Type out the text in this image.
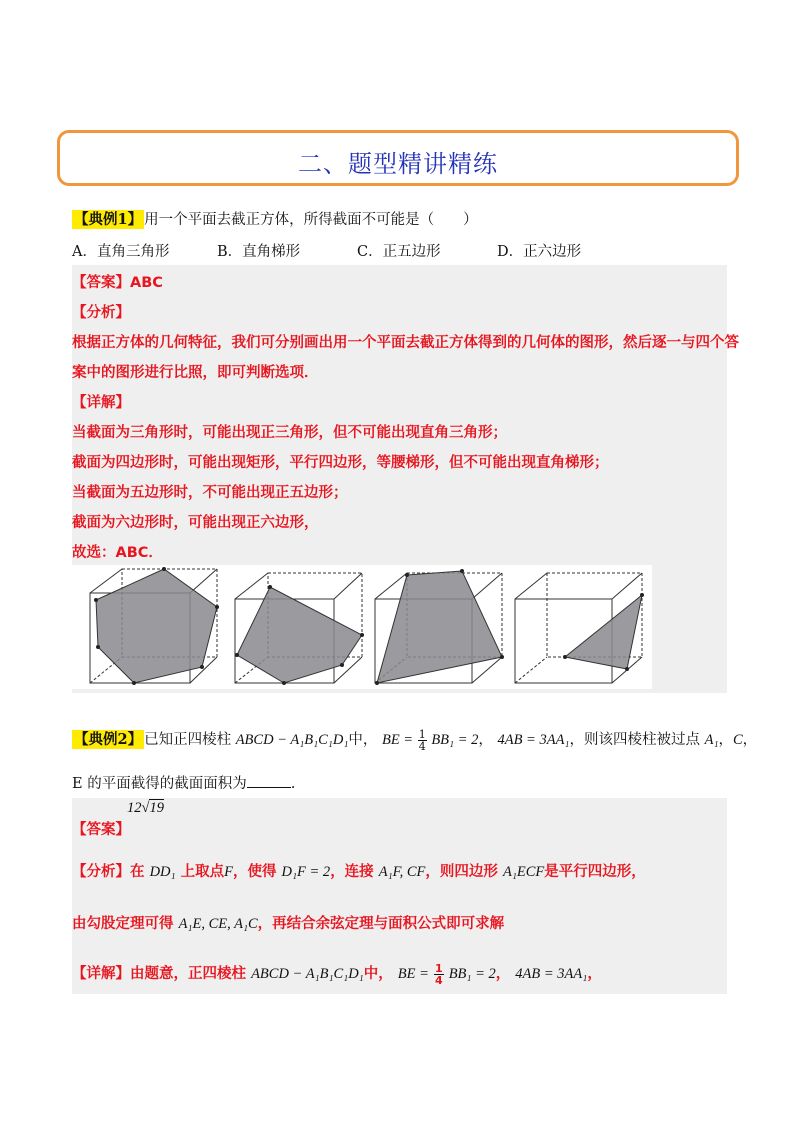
二、题型精讲精练
【典例1】 用一个平面去截正方体，所得截面不可能是（　　）
A．直角三角形	B．直角梯形	C．正五边形	D．正六边形
【答案】ABC
【分析】
根据正方体的几何特征，我们可分别画出用一个平面去截正方体得到的几何体的图形，然后逐一与四个答
案中的图形进行比照，即可判断选项．
【详解】
当截面为三角形时，可能出现正三角形，但不可能出现直角三角形；
截面为四边形时，可能出现矩形，平行四边形，等腰梯形，但不可能出现直角梯形；
当截面为五边形时，不可能出现正五边形；
截面为六边形时，可能出现正六边形，
故选：ABC．
【典例2】 已知正四棱柱 ABCD − A₁B₁C₁D₁中， BE = $\frac{1}{4} BB_1 = 2$， 4AB = 3AA₁，则该四棱柱被过点 A₁，C，
E 的平面截得的截面面积为	.
12√19
【答案】
【分析】在 DD₁ 上取点F，使得 D₁F = 2，连接 A₁F, CF，则四边形 A₁ECF是平行四边形，
由勾股定理可得 A₁E, CE, A₁C，再结合余弦定理与面积公式即可求解
【详解】由题意，正四棱柱 ABCD − A₁B₁C₁D₁中， BE = $\frac{1}{4} BB_1 = 2$， 4AB = 3AA₁，
